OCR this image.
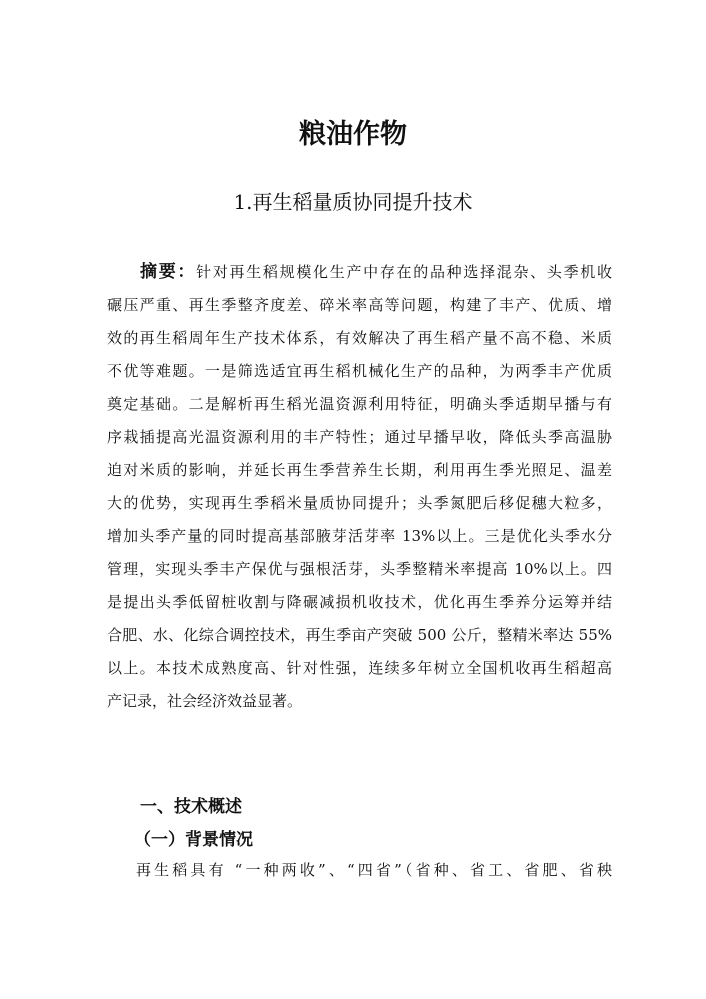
粮油作物
1.再生稻量质协同提升技术
摘要：针对再生稻规模化生产中存在的品种选择混杂、头季机收
碾压严重、再生季整齐度差、碎米率高等问题，构建了丰产、优质、增
效的再生稻周年生产技术体系，有效解决了再生稻产量不高不稳、米质
不优等难题。一是筛选适宜再生稻机械化生产的品种，为两季丰产优质
奠定基础。二是解析再生稻光温资源利用特征，明确头季适期早播与有
序栽插提高光温资源利用的丰产特性；通过早播早收，降低头季高温胁
迫对米质的影响，并延长再生季营养生长期，利用再生季光照足、温差
大的优势，实现再生季稻米量质协同提升；头季氮肥后移促穗大粒多，
增加头季产量的同时提高基部腋芽活芽率 13%以上。三是优化头季水分
管理，实现头季丰产保优与强根活芽，头季整精米率提高 10%以上。四
是提出头季低留桩收割与降碾减损机收技术，优化再生季养分运筹并结
合肥、水、化综合调控技术，再生季亩产突破 500 公斤，整精米率达 55%
以上。本技术成熟度高、针对性强，连续多年树立全国机收再生稻超高
产记录，社会经济效益显著。
一、技术概述
（一）背景情况
再生稻具有 “一种两收”、“四省”（省种、省工、省肥、省秧
